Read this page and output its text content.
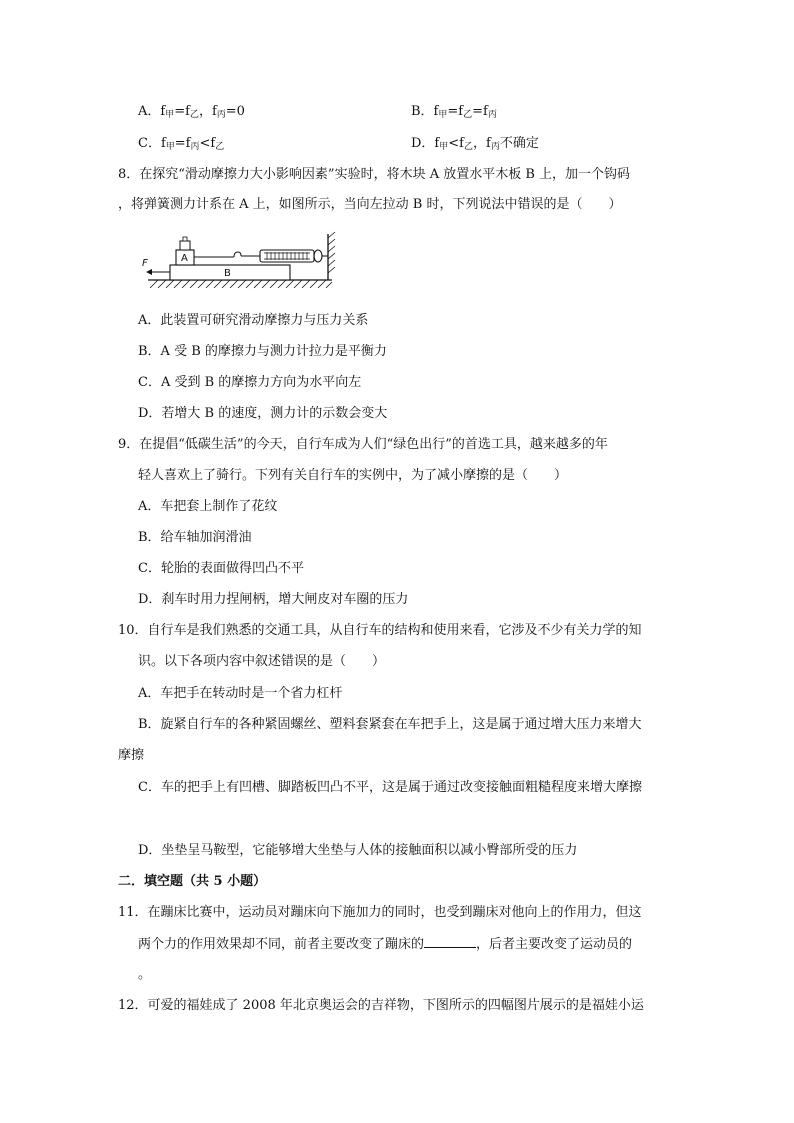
A．$f_甲=f_乙$，$f_丙=0$	B．$f_甲=f_乙=f_丙$
C．$f_甲=f_丙<f_乙$	D．$f_甲<f_乙$，$f_丙$不确定
8．在探究“滑动摩擦力大小影响因素”实验时，将木块 A 放置水平木板 B 上，加一个钩码
，将弹簧测力计系在 A 上，如图所示，当向左拉动 B 时，下列说法中错误的是（　　）
B
A
F
A．此装置可研究滑动摩擦力与压力关系
B．A 受 B 的摩擦力与测力计拉力是平衡力
C．A 受到 B 的摩擦力方向为水平向左
D．若增大 B 的速度，测力计的示数会变大
9．在提倡“低碳生活”的今天，自行车成为人们“绿色出行”的首选工具，越来越多的年
轻人喜欢上了骑行。下列有关自行车的实例中，为了减小摩擦的是（　　）
A．车把套上制作了花纹
B．给车轴加润滑油
C．轮胎的表面做得凹凸不平
D．刹车时用力捏闸柄，增大闸皮对车圈的压力
10．自行车是我们熟悉的交通工具，从自行车的结构和使用来看，它涉及不少有关力学的知
识。以下各项内容中叙述错误的是（　　）
A．车把手在转动时是一个省力杠杆
B．旋紧自行车的各种紧固螺丝、塑料套紧套在车把手上，这是属于通过增大压力来增大
摩擦
C．车的把手上有凹槽、脚踏板凹凸不平，这是属于通过改变接触面粗糙程度来增大摩擦
D．坐垫呈马鞍型，它能够增大坐垫与人体的接触面积以减小臀部所受的压力
二．填空题（共 5 小题）
11．在蹦床比赛中，运动员对蹦床向下施加力的同时，也受到蹦床对他向上的作用力，但这
两个力的作用效果却不同，前者主要改变了蹦床的	，后者主要改变了运动员的
。
12．可爱的福娃成了 2008 年北京奥运会的吉祥物，下图所示的四幅图片展示的是福娃小运
